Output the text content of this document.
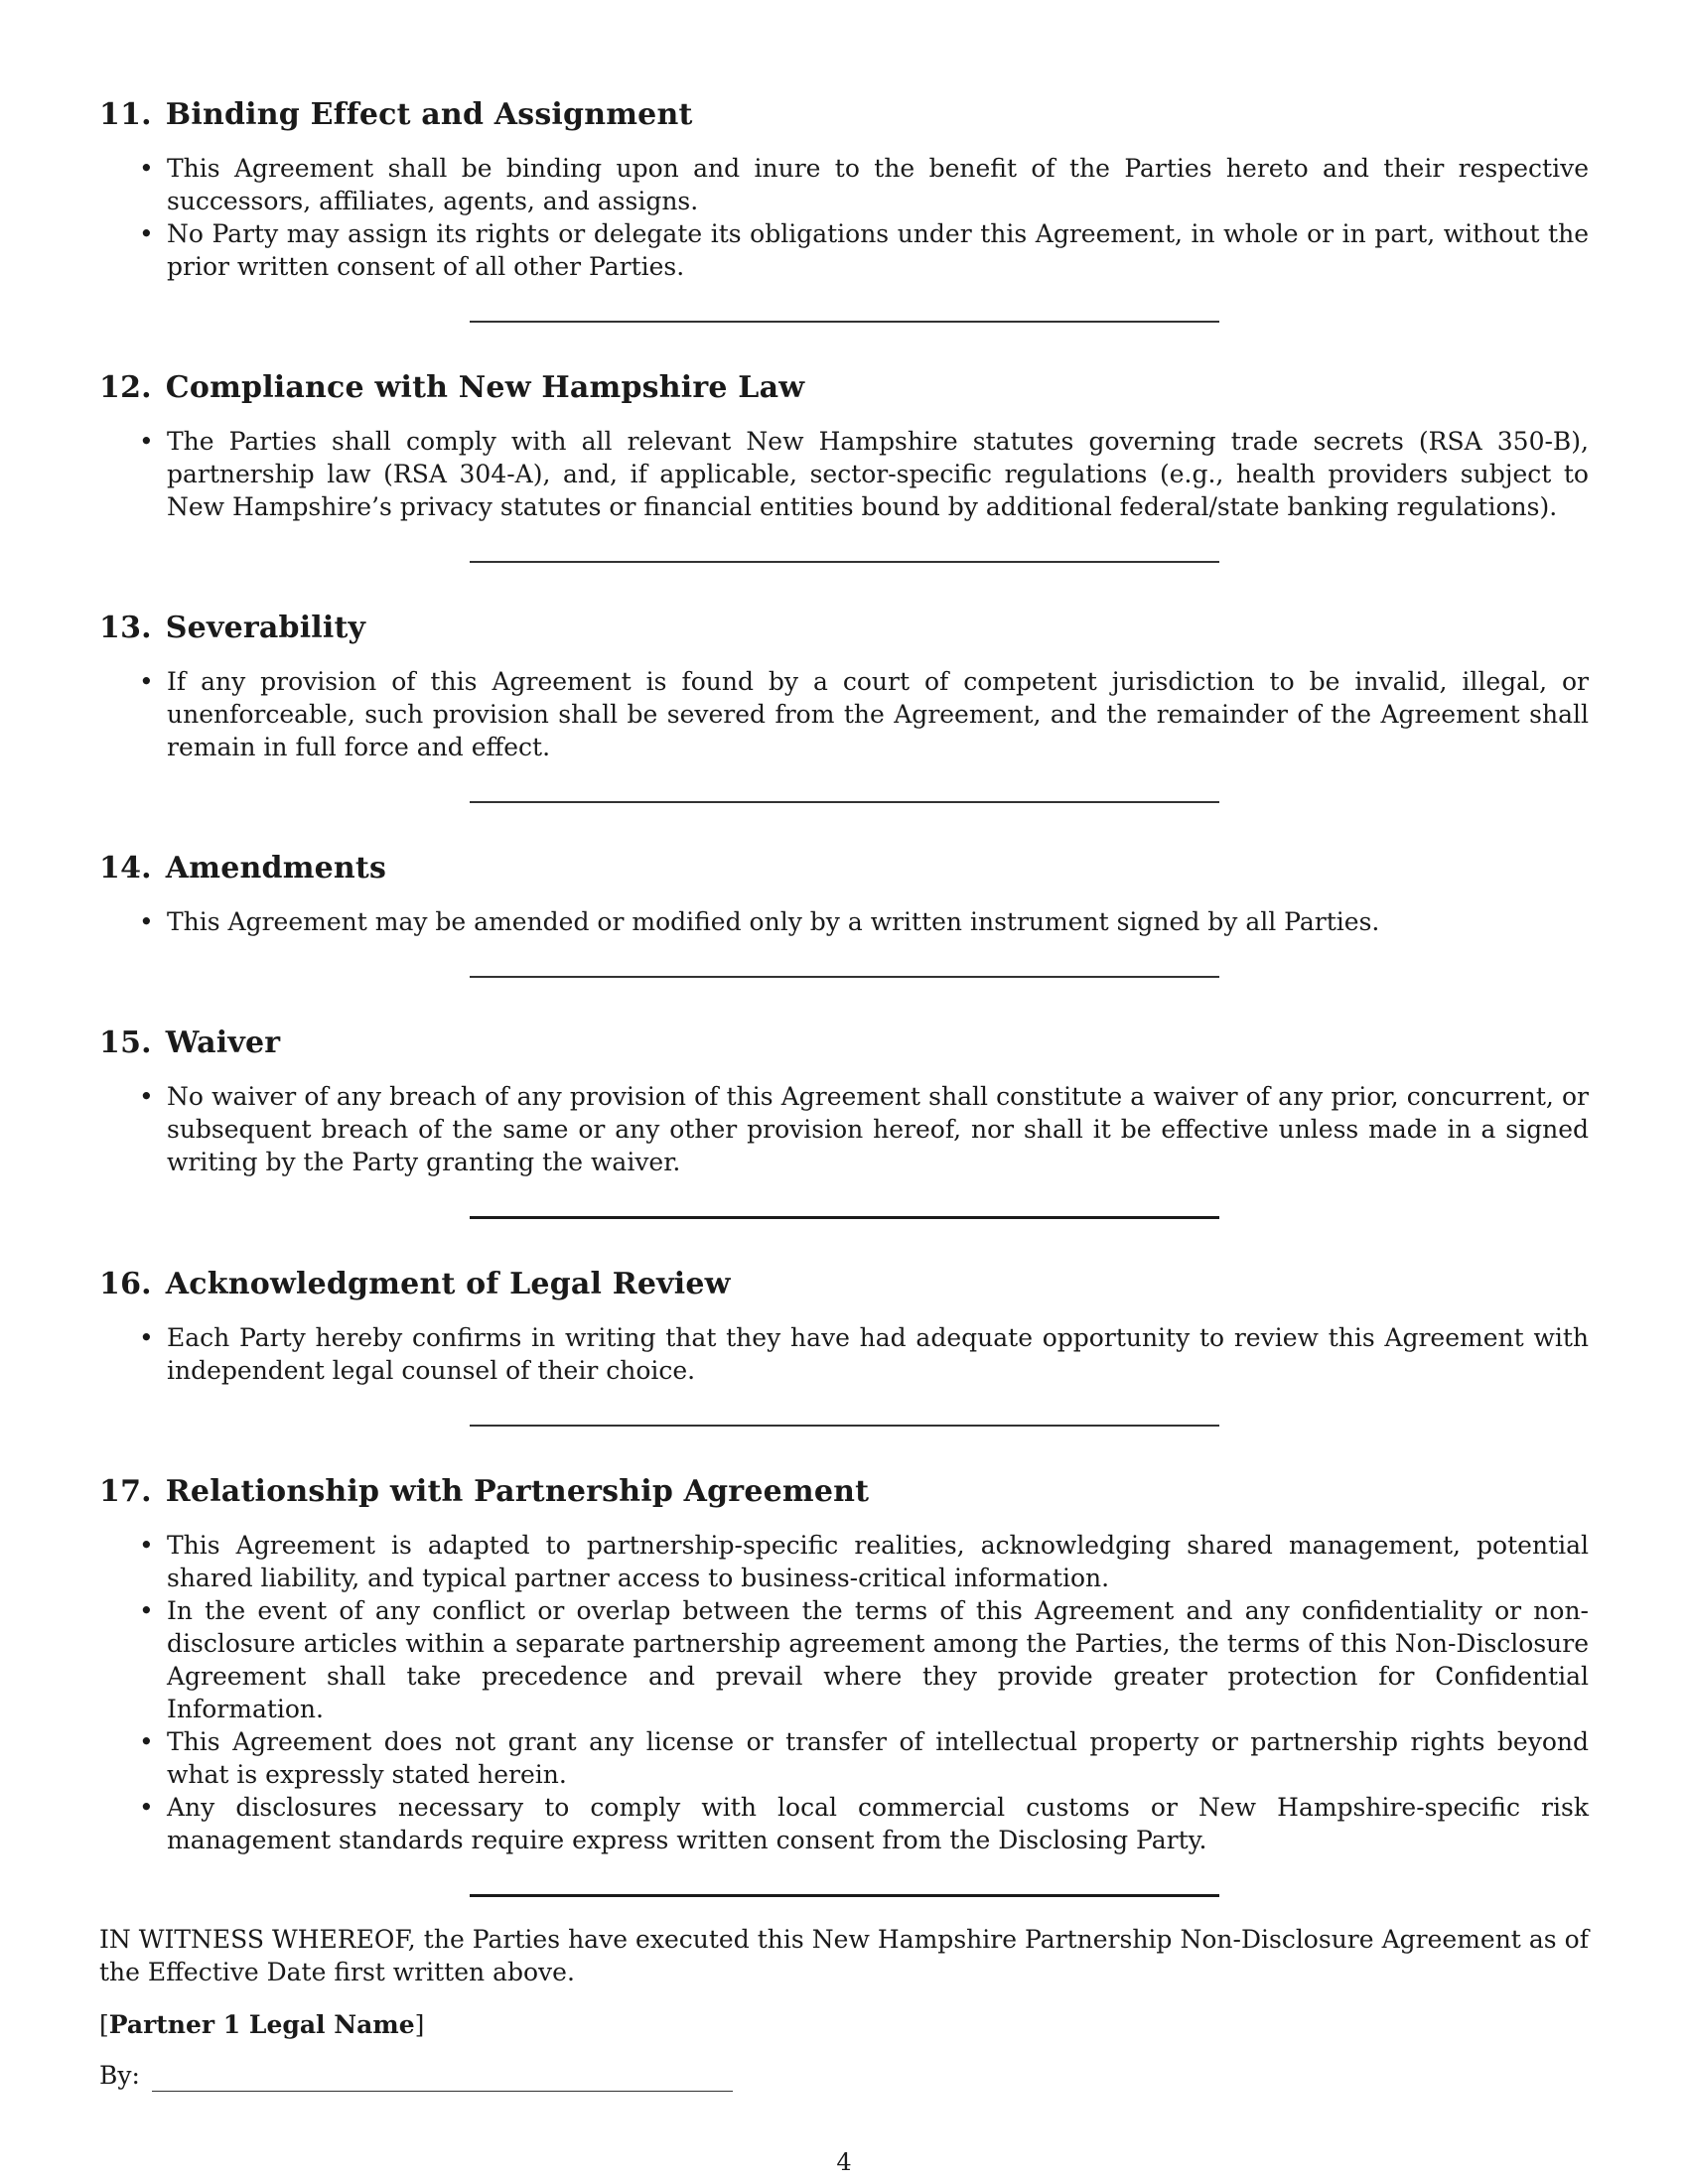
11. Binding Effect and Assignment
• This Agreement shall be binding upon and inure to the benefit of the Parties hereto and their respective successors, affiliates, agents, and assigns.
• No Party may assign its rights or delegate its obligations under this Agreement, in whole or in part, without the prior written consent of all other Parties.
12. Compliance with New Hampshire Law
• The Parties shall comply with all relevant New Hampshire statutes governing trade secrets (RSA 350-B), partnership law (RSA 304-A), and, if applicable, sector-specific regulations (e.g., health providers subject to New Hampshire’s privacy statutes or financial entities bound by additional federal/state banking regulations).
13. Severability
• If any provision of this Agreement is found by a court of competent jurisdiction to be invalid, illegal, or unenforceable, such provision shall be severed from the Agreement, and the remainder of the Agreement shall remain in full force and effect.
14. Amendments
• This Agreement may be amended or modified only by a written instrument signed by all Parties.
15. Waiver
• No waiver of any breach of any provision of this Agreement shall constitute a waiver of any prior, concurrent, or subsequent breach of the same or any other provision hereof, nor shall it be effective unless made in a signed writing by the Party granting the waiver.
16. Acknowledgment of Legal Review
• Each Party hereby confirms in writing that they have had adequate opportunity to review this Agreement with independent legal counsel of their choice.
17. Relationship with Partnership Agreement
• This Agreement is adapted to partnership-specific realities, acknowledging shared management, potential shared liability, and typical partner access to business-critical information.
• In the event of any conflict or overlap between the terms of this Agreement and any confidentiality or non-disclosure articles within a separate partnership agreement among the Parties, the terms of this Non-Disclosure Agreement shall take precedence and prevail where they provide greater protection for Confidential Information.
• This Agreement does not grant any license or transfer of intellectual property or partnership rights beyond what is expressly stated herein.
• Any disclosures necessary to comply with local commercial customs or New Hampshire-specific risk management standards require express written consent from the Disclosing Party.

IN WITNESS WHEREOF, the Parties have executed this New Hampshire Partnership Non-Disclosure Agreement as of the Effective Date first written above.

[Partner 1 Legal Name]

By:
4
